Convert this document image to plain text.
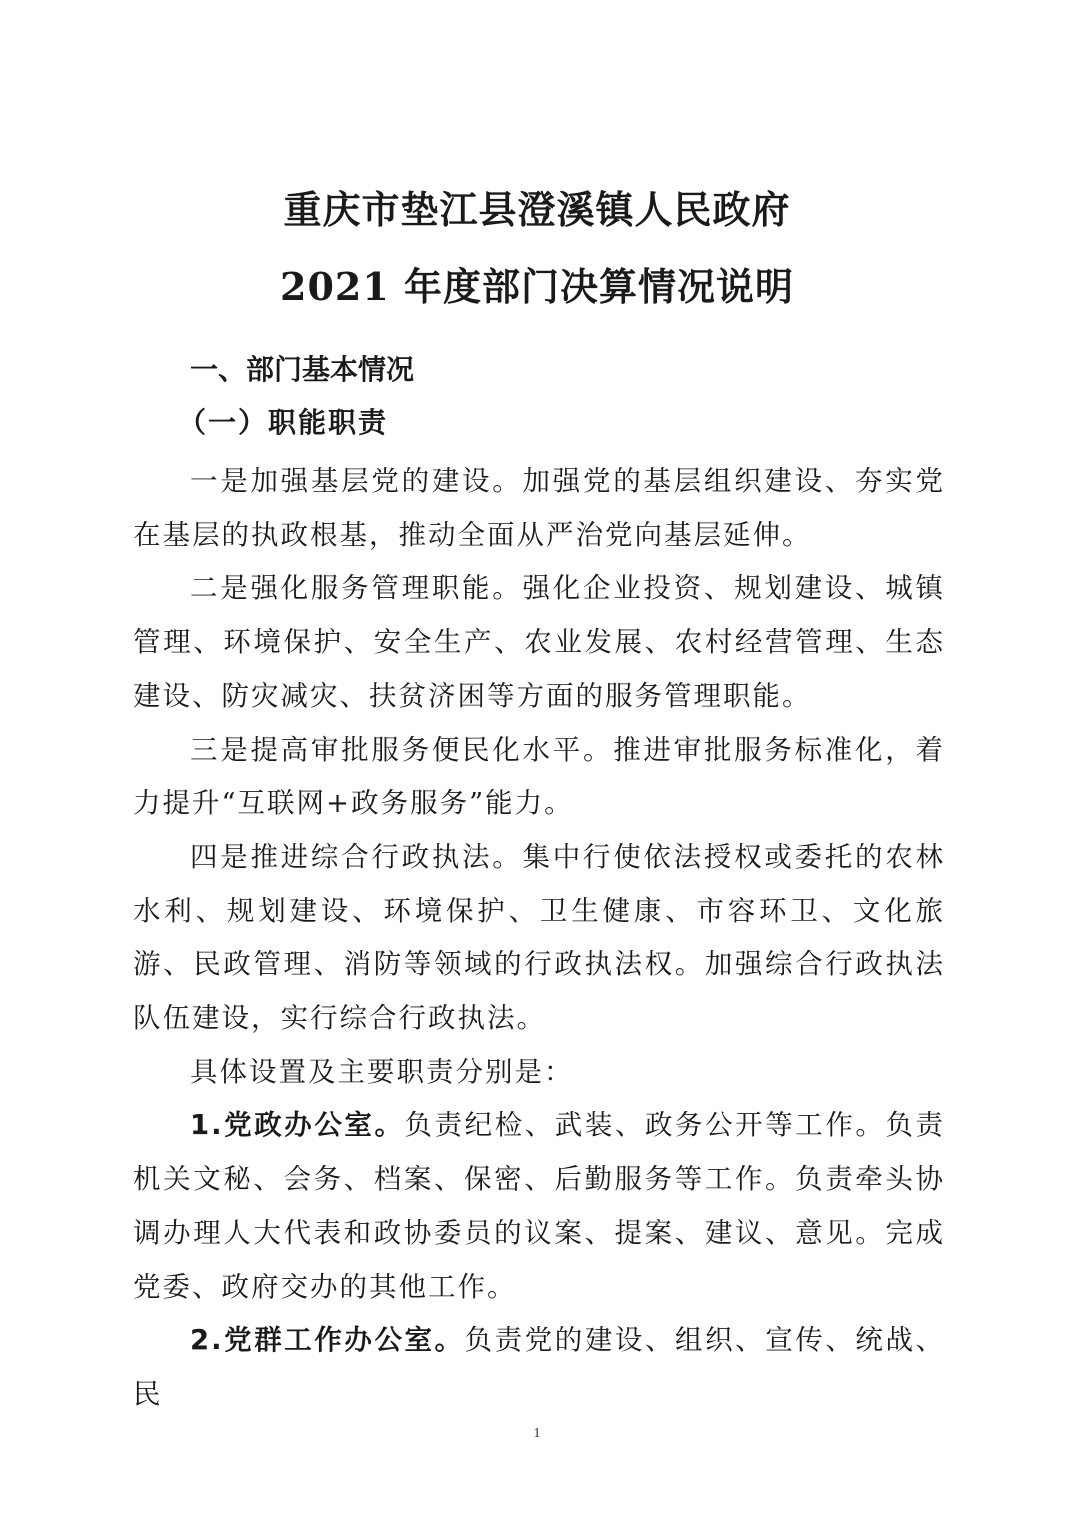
重庆市垫江县澄溪镇人民政府
2021 年度部门决算情况说明
一、部门基本情况
（一）职能职责

一是加强基层党的建设。加强党的基层组织建设、夯实党在基层的执政根基，推动全面从严治党向基层延伸。

二是强化服务管理职能。强化企业投资、规划建设、城镇管理、环境保护、安全生产、农业发展、农村经营管理、生态建设、防灾减灾、扶贫济困等方面的服务管理职能。

三是提高审批服务便民化水平。推进审批服务标准化，着力提升“互联网+政务服务”能力。

四是推进综合行政执法。集中行使依法授权或委托的农林水利、规划建设、环境保护、卫生健康、市容环卫、文化旅游、民政管理、消防等领域的行政执法权。加强综合行政执法队伍建设，实行综合行政执法。

具体设置及主要职责分别是：

1.党政办公室。负责纪检、武装、政务公开等工作。负责机关文秘、会务、档案、保密、后勤服务等工作。负责牵头协调办理人大代表和政协委员的议案、提案、建议、意见。完成党委、政府交办的其他工作。

2.党群工作办公室。负责党的建设、组织、宣传、统战、民

1
